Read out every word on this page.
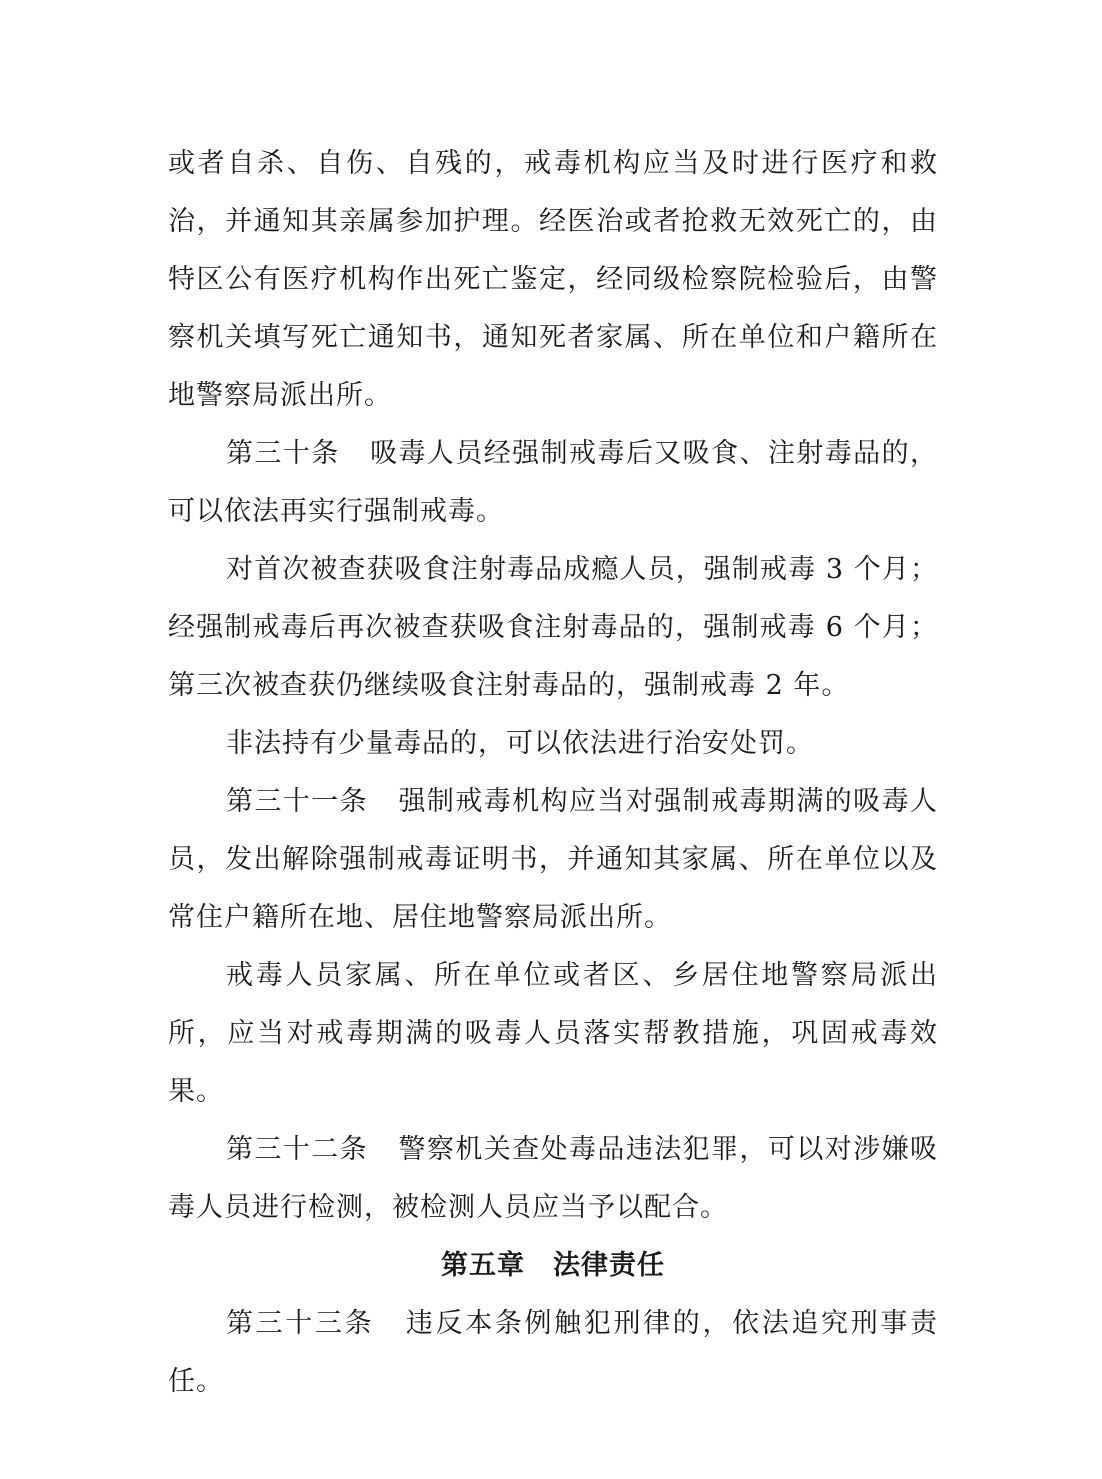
或者自杀、自伤、自残的，戒毒机构应当及时进行医疗和救治，并通知其亲属参加护理。经医治或者抢救无效死亡的，由特区公有医疗机构作出死亡鉴定，经同级检察院检验后，由警察机关填写死亡通知书，通知死者家属、所在单位和户籍所在地警察局派出所。

第三十条 吸毒人员经强制戒毒后又吸食、注射毒品的，可以依法再实行强制戒毒。

对首次被查获吸食注射毒品成瘾人员，强制戒毒 3 个月；经强制戒毒后再次被查获吸食注射毒品的，强制戒毒 6 个月；第三次被查获仍继续吸食注射毒品的，强制戒毒 2 年。

非法持有少量毒品的，可以依法进行治安处罚。

第三十一条 强制戒毒机构应当对强制戒毒期满的吸毒人员，发出解除强制戒毒证明书，并通知其家属、所在单位以及常住户籍所在地、居住地警察局派出所。

戒毒人员家属、所在单位或者区、乡居住地警察局派出所，应当对戒毒期满的吸毒人员落实帮教措施，巩固戒毒效果。

第三十二条 警察机关查处毒品违法犯罪，可以对涉嫌吸毒人员进行检测，被检测人员应当予以配合。

第五章　法律责任

第三十三条 违反本条例触犯刑律的，依法追究刑事责任。
